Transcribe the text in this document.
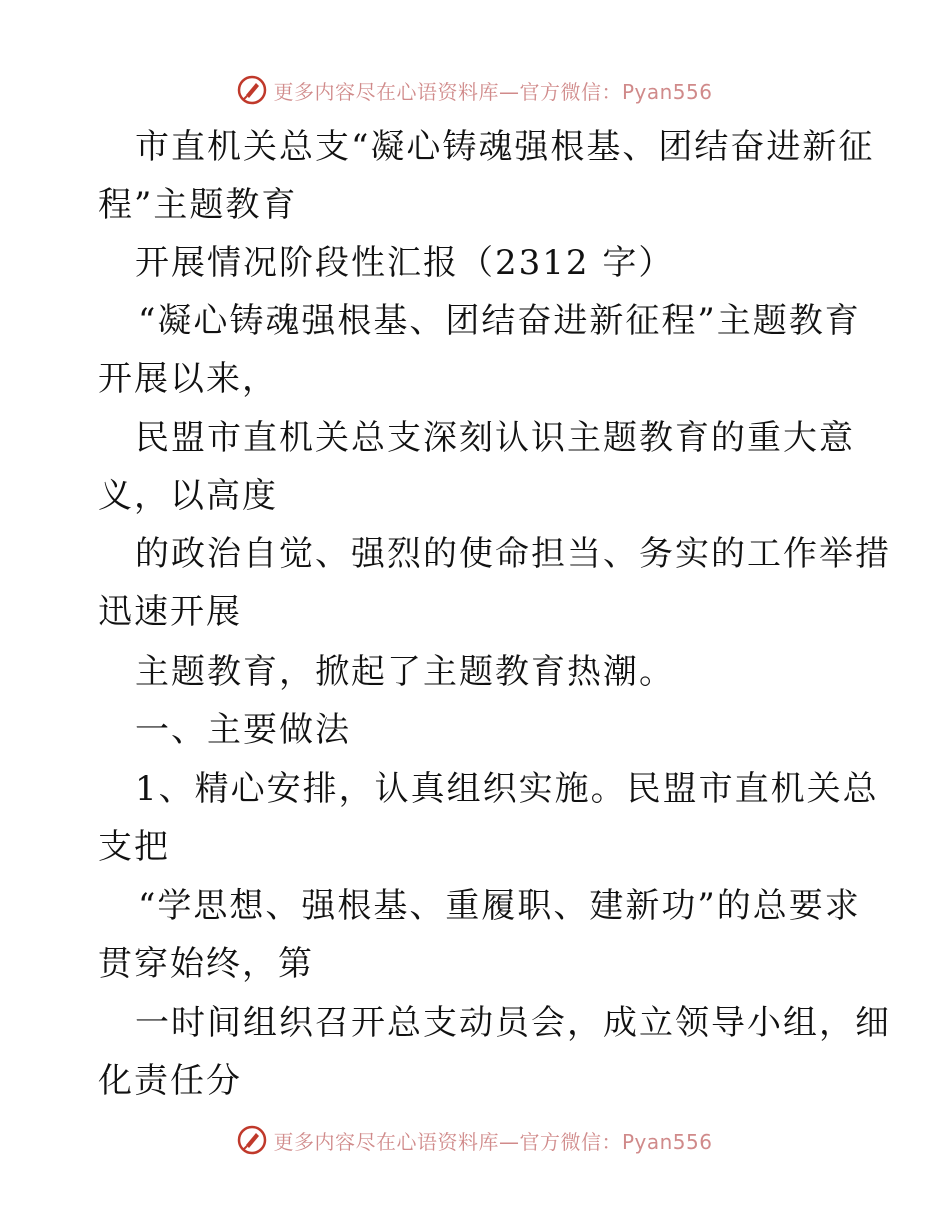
更多内容尽在心语资料库—官方微信：Pyan556
市直机关总支“凝心铸魂强根基、团结奋进新征
程”主题教育
开展情况阶段性汇报（2312 字）
“凝心铸魂强根基、团结奋进新征程”主题教育
开展以来，
民盟市直机关总支深刻认识主题教育的重大意
义，以高度
的政治自觉、强烈的使命担当、务实的工作举措
迅速开展
主题教育，掀起了主题教育热潮。
一、主要做法
1、精心安排，认真组织实施。民盟市直机关总
支把
“学思想、强根基、重履职、建新功”的总要求
贯穿始终，第
一时间组织召开总支动员会，成立领导小组，细
化责任分
更多内容尽在心语资料库—官方微信：Pyan556
